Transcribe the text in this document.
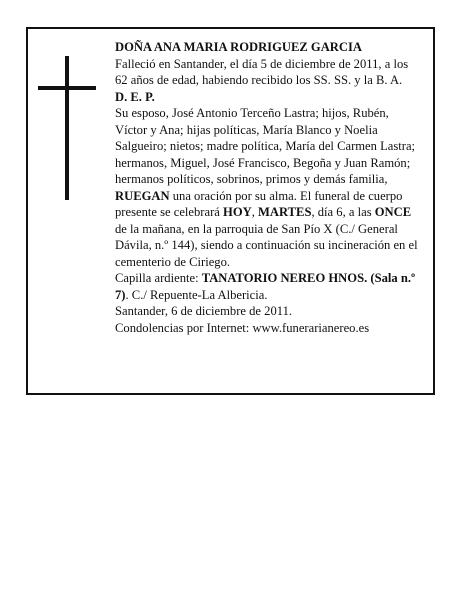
DOÑA ANA MARIA RODRIGUEZ GARCIA

Falleció en Santander, el día 5 de diciembre de 2011, a los 62 años de edad, habiendo recibido los SS. SS. y la B. A.

D. E. P.

Su esposo, José Antonio Terceño Lastra; hijos, Rubén, Víctor y Ana; hijas políticas, María Blanco y Noelia Salgueiro; nietos; madre política, María del Carmen Lastra; hermanos, Miguel, José Francisco, Begoña y Juan Ramón; hermanos políticos, sobrinos, primos y demás familia,

RUEGAN una oración por su alma. El funeral de cuerpo presente se celebrará HOY, MARTES, día 6, a las ONCE de la mañana, en la parroquia de San Pío X (C./ General Dávila, n.º 144), siendo a continuación su incineración en el cementerio de Ciriego.

Capilla ardiente: TANATORIO NEREO HNOS. (Sala n.º 7). C./ Repuente-La Albericia.

Santander, 6 de diciembre de 2011.

Condolencias por Internet: www.funerarianereo.es
